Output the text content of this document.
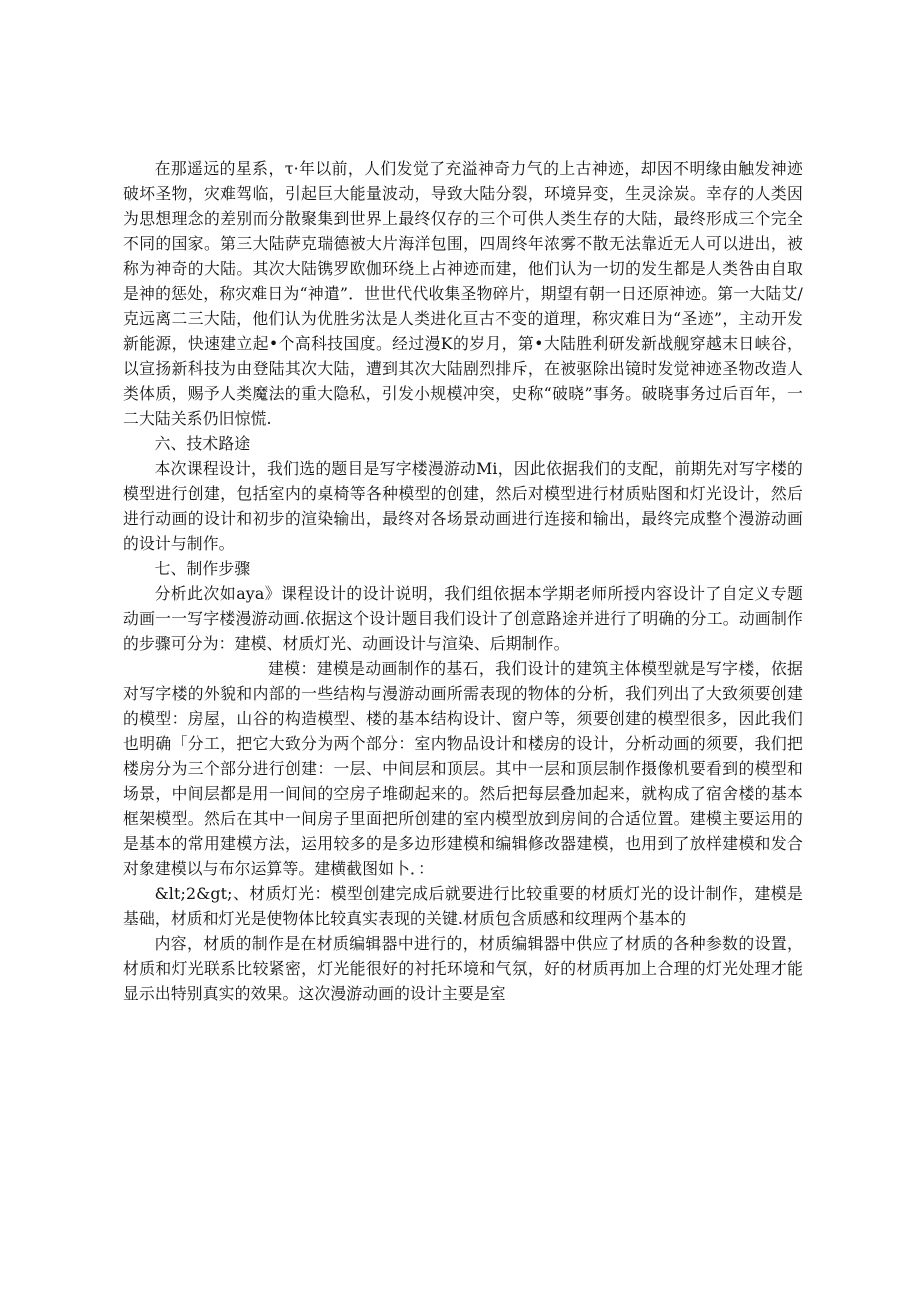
在那遥远的星系，τ·年以前，人们发觉了充溢神奇力气的上古神迹，却因不明缘由触发神迹破坏圣物，灾难驾临，引起巨大能量波动，导致大陆分裂，环境异变，生灵涂炭。幸存的人类因为思想理念的差别而分散聚集到世界上最终仅存的三个可供人类生存的大陆，最终形成三个完全不同的国家。第三大陆萨克瑞德被大片海洋包围，四周终年浓雾不散无法靠近无人可以进出，被称为神奇的大陆。其次大陆镌罗欧伽环绕上占神迹而建，他们认为一切的发生都是人类咎由自取是神的惩处，称灾难日为“神遣”．世世代代收集圣物碎片，期望有朝一日还原神迹。第一大陆艾/克远离二三大陆，他们认为优胜劣汰是人类进化亘古不变的道理，称灾难日为“圣迹”，主动开发新能源，快速建立起•个高科技国度。经过漫K的岁月，第•大陆胜利研发新战舰穿越末日峡谷，以宣扬新科技为由登陆其次大陆，遭到其次大陆剧烈排斥，在被驱除出镜时发觉神迹圣物改造人类体质，赐予人类魔法的重大隐私，引发小规模冲突，史称“破晓”事务。破晓事务过后百年，一二大陆关系仍旧惊慌.

六、技术路途

本次课程设计，我们选的题目是写字楼漫游动Mi，因此依据我们的支配，前期先对写字楼的模型进行创建，包括室内的桌椅等各种模型的创建，然后对模型进行材质贴图和灯光设计，然后进行动画的设计和初步的渲染输出，最终对各场景动画进行连接和输出，最终完成整个漫游动画的设计与制作。

七、制作步骤

分析此次如aya》课程设计的设计说明，我们组依据本学期老师所授内容设计了自定义专题动画一一写字楼漫游动画.依据这个设计题目我们设计了创意路途并进行了明确的分工。动画制作的步骤可分为：建模、材质灯光、动画设计与渲染、后期制作。

建模：建模是动画制作的基石，我们设计的建筑主体模型就是写字楼，依据对写字楼的外貌和内部的一些结构与漫游动画所需表现的物体的分析，我们列出了大致须要创建的模型：房屋，山谷的构造模型、楼的基本结构设计、窗户等，须要创建的模型很多，因此我们也明确「分工，把它大致分为两个部分：室内物品设计和楼房的设计，分析动画的须要，我们把楼房分为三个部分进行创建：一层、中间层和顶层。其中一层和顶层制作摄像机要看到的模型和场景，中间层都是用一间间的空房子堆砌起来的。然后把每层叠加起来，就构成了宿舍楼的基本框架模型。然后在其中一间房子里面把所创建的室内模型放到房间的合适位置。建模主要运用的是基本的常用建模方法，运用较多的是多边形建模和编辑修改器建模，也用到了放样建模和发合对象建模以与布尔运算等。建横截图如卜．：

&lt;2&gt;、材质灯光：模型创建完成后就要进行比较重要的材质灯光的设计制作，建模是基础，材质和灯光是使物体比较真实表现的关键.材质包含质感和纹理两个基本的

内容，材质的制作是在材质编辑器中进行的，材质编辑器中供应了材质的各种参数的设置，材质和灯光联系比较紧密，灯光能很好的衬托环境和气氛，好的材质再加上合理的灯光处理才能显示出特别真实的效果。这次漫游动画的设计主要是室
